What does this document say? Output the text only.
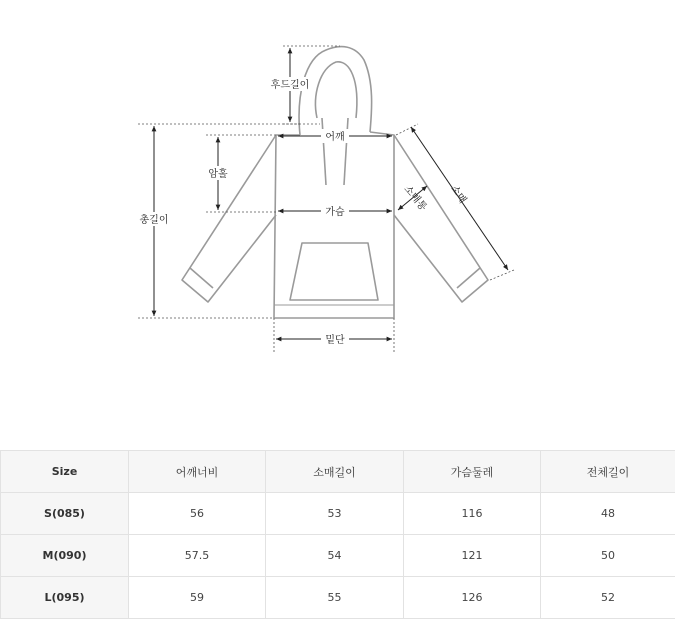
후드길이
총길이
암홀
어깨
가슴
밑단
소매
소매통
Size	어깨너비	소매길이	가슴둘레	전체길이
S(085)	56	53	116	48
M(090)	57.5	54	121	50
L(095)	59	55	126	52
